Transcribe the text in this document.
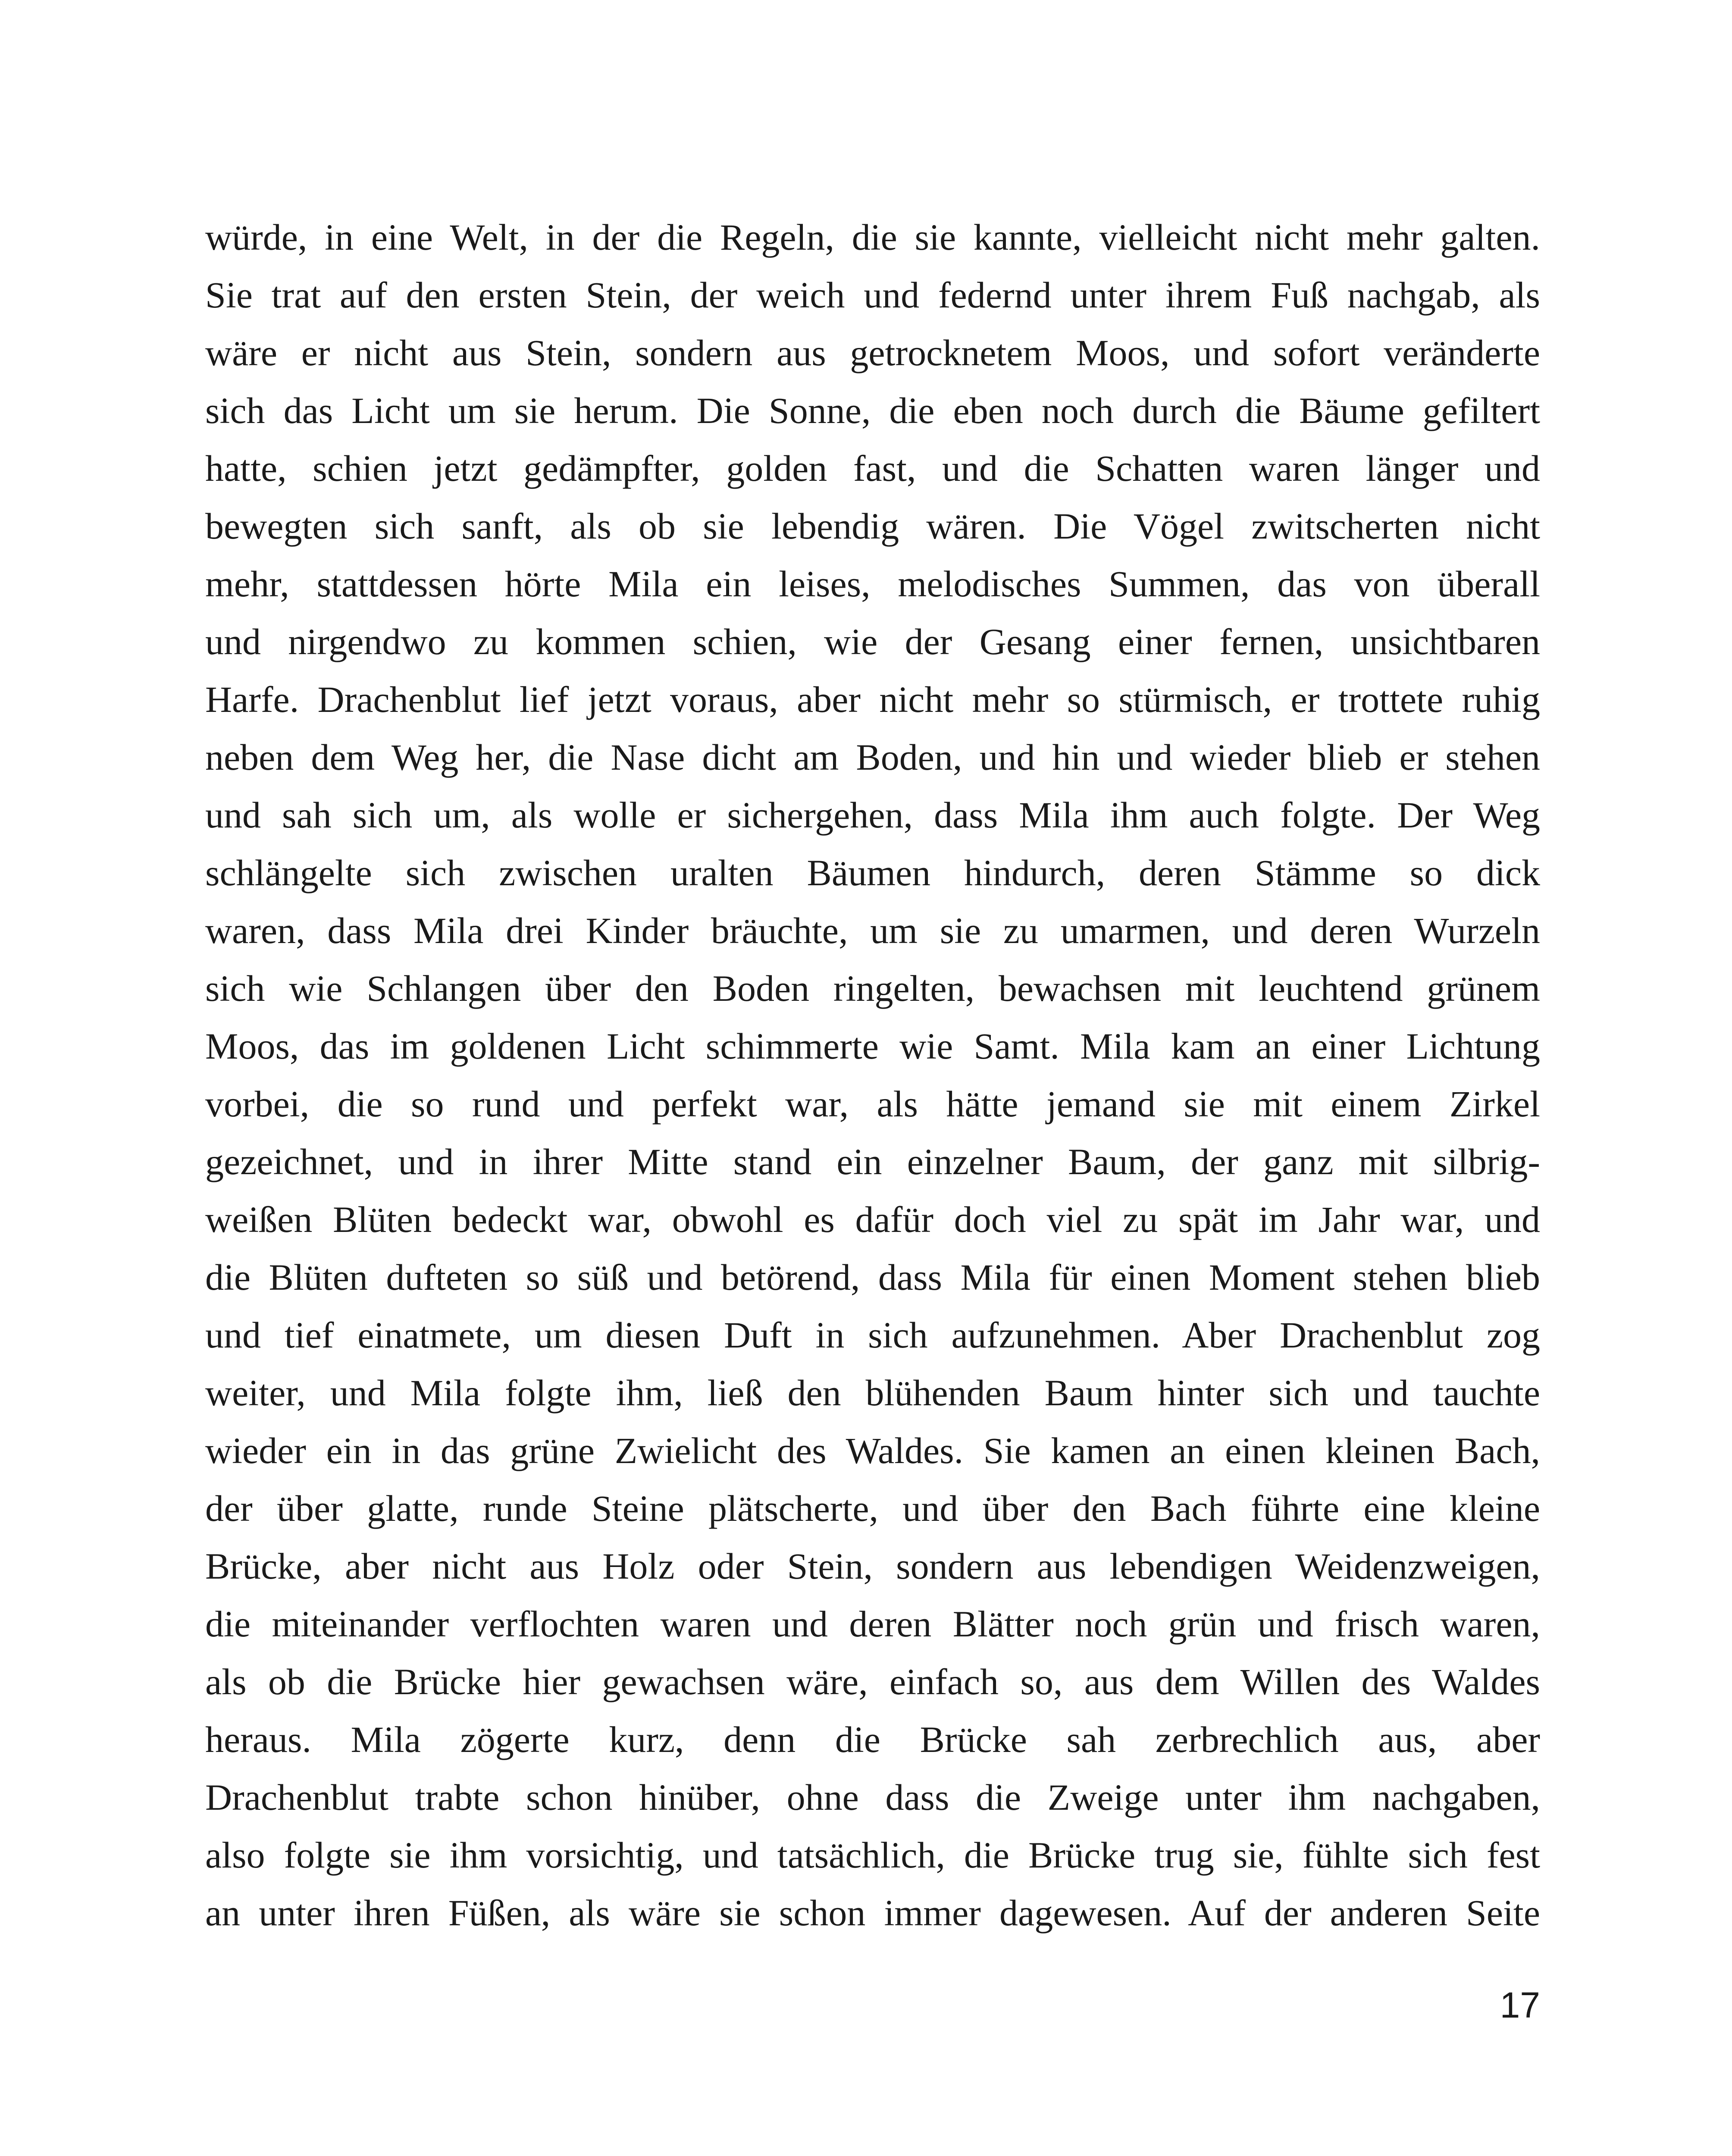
würde, in eine Welt, in der die Regeln, die sie kannte, vielleicht nicht mehr galten.
Sie trat auf den ersten Stein, der weich und federnd unter ihrem Fuß nachgab, als
wäre er nicht aus Stein, sondern aus getrocknetem Moos, und sofort veränderte
sich das Licht um sie herum. Die Sonne, die eben noch durch die Bäume gefiltert
hatte, schien jetzt gedämpfter, golden fast, und die Schatten waren länger und
bewegten sich sanft, als ob sie lebendig wären. Die Vögel zwitscherten nicht
mehr, stattdessen hörte Mila ein leises, melodisches Summen, das von überall
und nirgendwo zu kommen schien, wie der Gesang einer fernen, unsichtbaren
Harfe. Drachenblut lief jetzt voraus, aber nicht mehr so stürmisch, er trottete ruhig
neben dem Weg her, die Nase dicht am Boden, und hin und wieder blieb er stehen
und sah sich um, als wolle er sichergehen, dass Mila ihm auch folgte. Der Weg
schlängelte sich zwischen uralten Bäumen hindurch, deren Stämme so dick
waren, dass Mila drei Kinder bräuchte, um sie zu umarmen, und deren Wurzeln
sich wie Schlangen über den Boden ringelten, bewachsen mit leuchtend grünem
Moos, das im goldenen Licht schimmerte wie Samt. Mila kam an einer Lichtung
vorbei, die so rund und perfekt war, als hätte jemand sie mit einem Zirkel
gezeichnet, und in ihrer Mitte stand ein einzelner Baum, der ganz mit silbrig-
weißen Blüten bedeckt war, obwohl es dafür doch viel zu spät im Jahr war, und
die Blüten dufteten so süß und betörend, dass Mila für einen Moment stehen blieb
und tief einatmete, um diesen Duft in sich aufzunehmen. Aber Drachenblut zog
weiter, und Mila folgte ihm, ließ den blühenden Baum hinter sich und tauchte
wieder ein in das grüne Zwielicht des Waldes. Sie kamen an einen kleinen Bach,
der über glatte, runde Steine plätscherte, und über den Bach führte eine kleine
Brücke, aber nicht aus Holz oder Stein, sondern aus lebendigen Weidenzweigen,
die miteinander verflochten waren und deren Blätter noch grün und frisch waren,
als ob die Brücke hier gewachsen wäre, einfach so, aus dem Willen des Waldes
heraus. Mila zögerte kurz, denn die Brücke sah zerbrechlich aus, aber
Drachenblut trabte schon hinüber, ohne dass die Zweige unter ihm nachgaben,
also folgte sie ihm vorsichtig, und tatsächlich, die Brücke trug sie, fühlte sich fest
an unter ihren Füßen, als wäre sie schon immer dagewesen. Auf der anderen Seite
17
